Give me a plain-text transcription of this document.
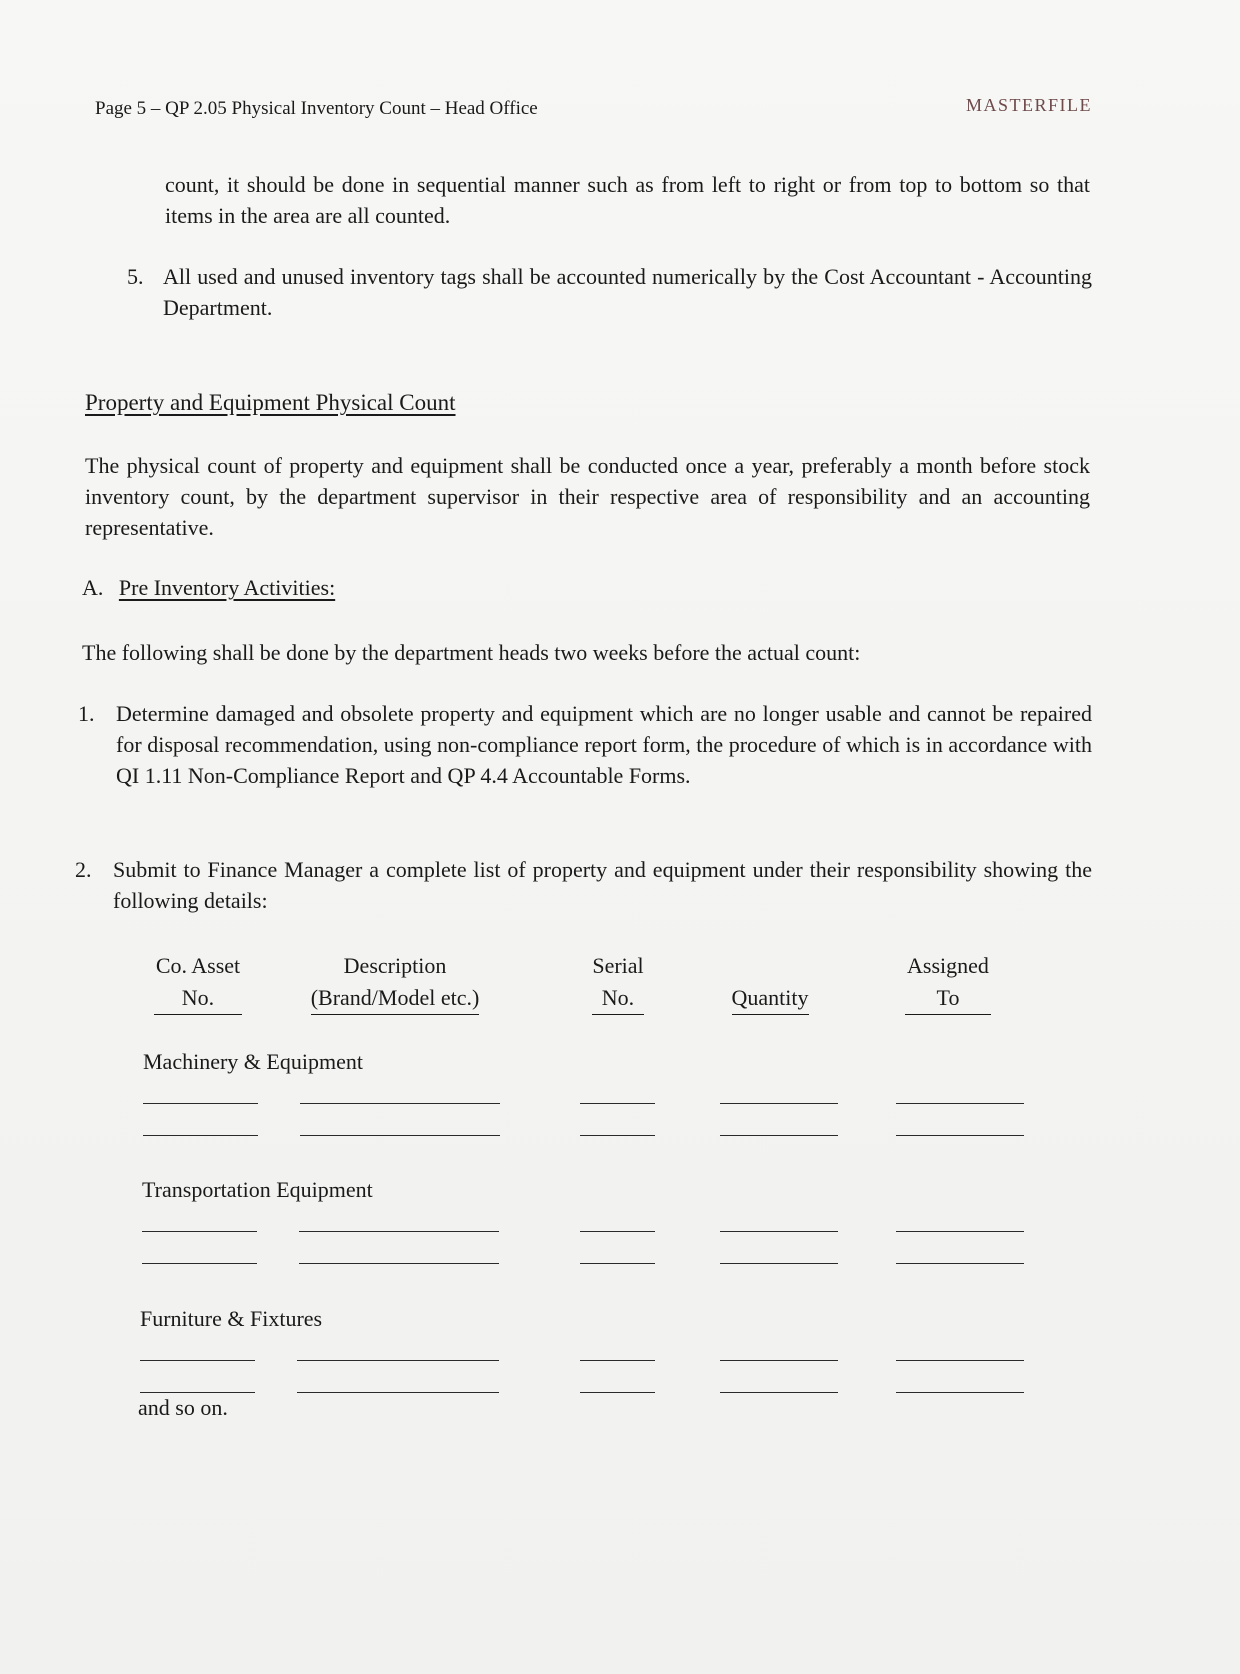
Page 5 – QP 2.05 Physical Inventory Count – Head Office	MASTERFILE
count, it should be done in sequential manner such as from left to right or from top to bottom so that items in the area are all counted.
5. All used and unused inventory tags shall be accounted numerically by the Cost Accountant - Accounting Department.
Property and Equipment Physical Count
The physical count of property and equipment shall be conducted once a year, preferably a month before stock inventory count, by the department supervisor in their respective area of responsibility and an accounting representative.
A. Pre Inventory Activities:
The following shall be done by the department heads two weeks before the actual count:
1. Determine damaged and obsolete property and equipment which are no longer usable and cannot be repaired for disposal recommendation, using non-compliance report form, the procedure of which is in accordance with QI 1.11 Non-Compliance Report and QP 4.4 Accountable Forms.
2. Submit to Finance Manager a complete list of property and equipment under their responsibility showing the following details:
Co. Asset
No.
Description
(Brand/Model etc.)
Serial
No.	Quantity
Assigned
To
Machinery & Equipment
Transportation Equipment
Furniture & Fixtures
and so on.
